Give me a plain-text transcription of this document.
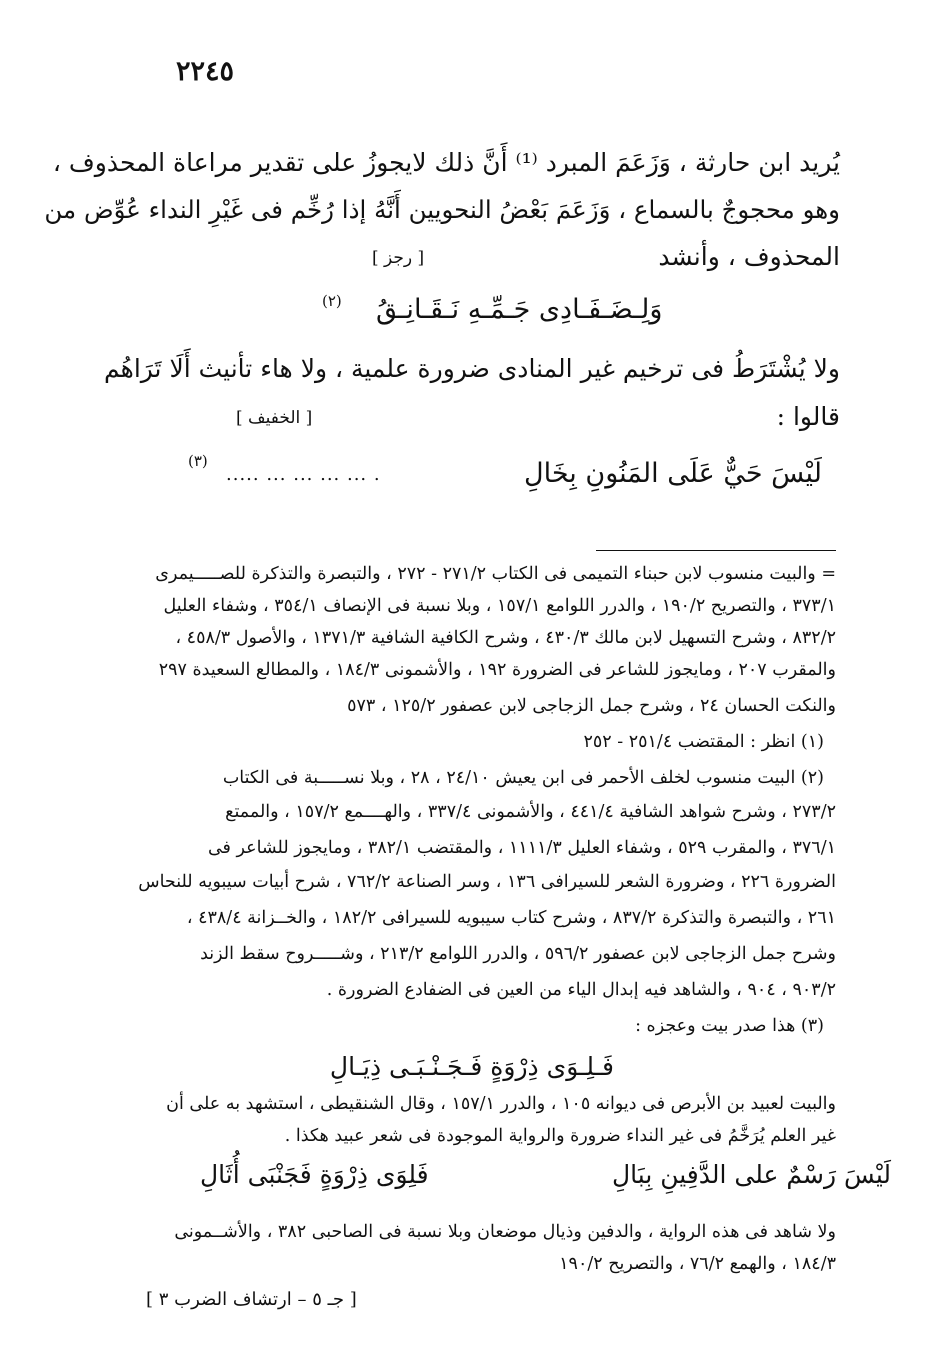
٢٢٤٥
يُريد ابن حارثة ، وَزَعَمَ المبرد ⁽¹⁾ أَنَّ ذلك لايجوزُ على تقدير مراعاة المحذوف ،
وهو محجوجٌ بالسماع ، وَزَعَمَ بَعْضُ النحويين أَنَّهُ إذا رُخِّم فى غَيْرِ النداء عُوِّض من
المحذوف ، وأنشد
[ رجز ]
وَلِـضَـفَـادِى جَـمِّـهِ نَـقَـانِـقُ
(٢)
ولا يُشْتَرَطُ فى ترخيم غير المنادى ضرورة علمية ، ولا هاء تأنيث أَلَا تَرَاهُم
قالوا :
[ الخفيف ]
لَيْسَ حَيٌّ عَلَى المَنُونِ بِخَالِ
..... ... ... ... ... .
(٣)
= والبيت منسوب لابن حبناء التميمى فى الكتاب ٢٧١/٢ - ٢٧٢ ، والتبصرة والتذكرة للصـــــيمرى
٣٧٣/١ ، والتصريح ١٩٠/٢ ، والدرر اللوامع ١٥٧/١ ، وبلا نسبة فى الإنصاف ٣٥٤/١ ، وشفاء العليل
٨٣٢/٢ ، وشرح التسهيل لابن مالك ٤٣٠/٣ ، وشرح الكافية الشافية ١٣٧١/٣ ، والأصول ٤٥٨/٣ ،
والمقرب ٢٠٧ ، ومايجوز للشاعر فى الضرورة ١٩٢ ، والأشمونى ١٨٤/٣ ، والمطالع السعيدة ٢٩٧
والنكت الحسان ٢٤ ، وشرح جمل الزجاجى لابن عصفور ١٢٥/٢ ، ٥٧٣
(١) انظر : المقتضب ٢٥١/٤ - ٢٥٢
(٢) البيت منسوب لخلف الأحمر فى ابن يعيش ٢٤/١٠ ، ٢٨ ، وبلا نســـــبة فى الكتاب
٢٧٣/٢ ، وشرح شواهد الشافية ٤٤١/٤ ، والأشمونى ٣٣٧/٤ ، والهــــمع ١٥٧/٢ ، والممتع
٣٧٦/١ ، والمقرب ٥٢٩ ، وشفاء العليل ١١١١/٣ ، والمقتضب ٣٨٢/١ ، ومايجوز للشاعر فى
الضرورة ٢٢٦ ، وضرورة الشعر للسيرافى ١٣٦ ، وسر الصناعة ٧٦٢/٢ ، شرح أبيات سيبويه للنحاس
٢٦١ ، والتبصرة والتذكرة ٨٣٧/٢ ، وشرح كتاب سيبويه للسيرافى ١٨٢/٢ ، والخــزانة ٤٣٨/٤ ،
وشرح جمل الزجاجى لابن عصفور ٥٩٦/٢ ، والدرر اللوامع ٢١٣/٢ ، وشـــــروح سقط الزند
٩٠٣/٢ ، ٩٠٤ ، والشاهد فيه إبدال الياء من العين فى الضفادع الضرورة .
(٣) هذا صدر بيت وعجزه :
فَـلِـوَى ذِرْوَةٍ فَـجَـنْـبَـى ذِيَـالِ
والبيت لعبيد بن الأبرص فى ديوانه ١٠٥ ، والدرر ١٥٧/١ ، وقال الشنقيطى ، استشهد به على أن
غير العلم يُرَخَّمُ فى غير النداء ضرورة والرواية الموجودة فى شعر عبيد هكذا .
لَيْسَ رَسْمٌ على الدَّفِينِ بِبَالِ
فَلِوَى ذِرْوَةٍ فَجَنْبَى أُثَالِ
ولا شاهد فى هذه الرواية ، والدفين وذيال موضعان وبلا نسبة فى الصاحبى ٣٨٢ ، والأشــمونى
١٨٤/٣ ، والهمع ٧٦/٢ ، والتصريح ١٩٠/٢
[ جـ ٥ – ارتشاف الضرب ٣ ]
